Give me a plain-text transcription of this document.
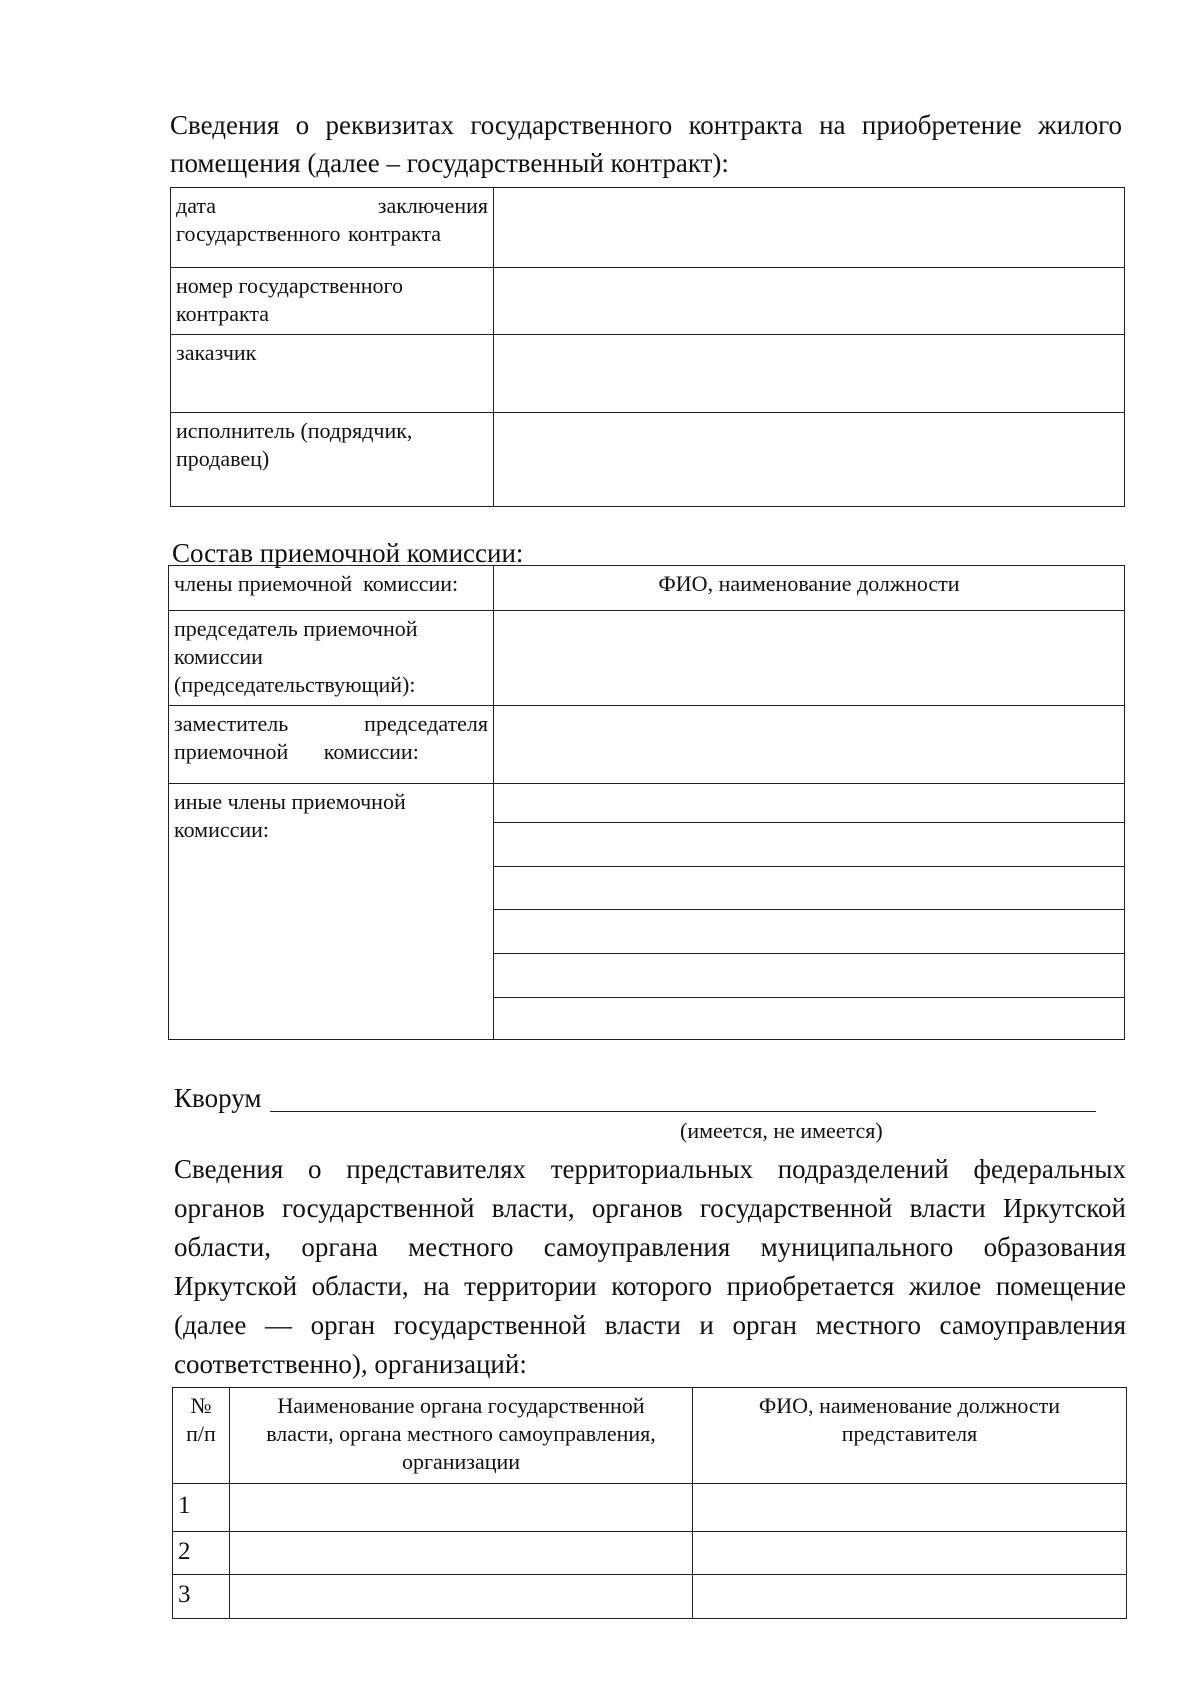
Сведения о реквизитах государственного контракта на приобретение жилого
помещения (далее – государственный контракт):
дата заключения государственного контракта	

номер государственного контракта	
заказчик	
исполнитель (подрядчик, продавец)	
Состав приемочной комиссии:
члены приемочной  комиссии:	ФИО, наименование должности
председатель приемочной комиссии (председательствующий):	

заместитель председателя приемочной комиссии:	

иные члены приемочной комиссии:	

Кворум
(имеется, не имеется)
Сведения о представителях территориальных подразделений федеральных
органов государственной власти, органов государственной власти Иркутской
области, органа местного самоуправления муниципального образования
Иркутской области, на территории которого приобретается жилое помещение
(далее — орган государственной власти и орган местного самоуправления
соответственно), организаций:
№ п/п	Наименование органа государственной власти, органа местного самоуправления, организации	ФИО, наименование должности представителя
1		
2		
3		
